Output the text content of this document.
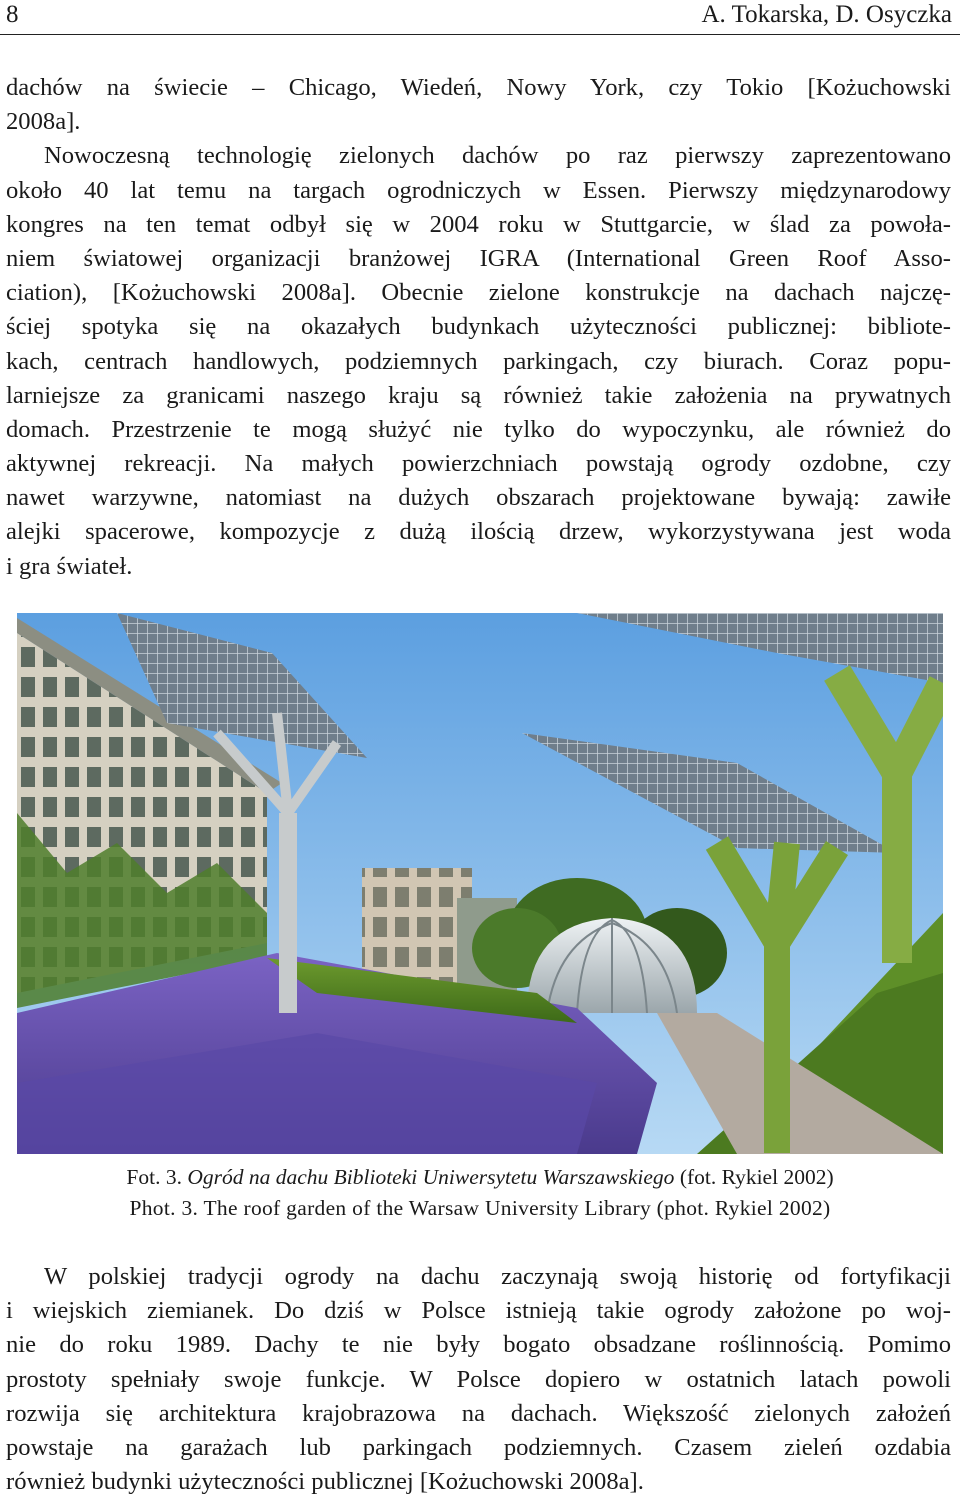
8	A. Tokarska, D. Osyczka
dachów na świecie – Chicago, Wiedeń, Nowy York, czy Tokio [Kożuchowski
2008a].
Nowoczesną technologię zielonych dachów po raz pierwszy zaprezentowano
około 40 lat temu na targach ogrodniczych w Essen. Pierwszy międzynarodowy
kongres na ten temat odbył się w 2004 roku w Stuttgarcie, w ślad za powoła-
niem światowej organizacji branżowej IGRA (International Green Roof Asso-
ciation), [Kożuchowski 2008a]. Obecnie zielone konstrukcje na dachach najczę-
ściej spotyka się na okazałych budynkach użyteczności publicznej: bibliote-
kach, centrach handlowych, podziemnych parkingach, czy biurach. Coraz popu-
larniejsze za granicami naszego kraju są również takie założenia na prywatnych
domach. Przestrzenie te mogą służyć nie tylko do wypoczynku, ale również do
aktywnej rekreacji. Na małych powierzchniach powstają ogrody ozdobne, czy
nawet warzywne, natomiast na dużych obszarach projektowane bywają: zawiłe
alejki spacerowe, kompozycje z dużą ilością drzew, wykorzystywana jest woda
i gra świateł.
Fot. 3. Ogród na dachu Biblioteki Uniwersytetu Warszawskiego (fot. Rykiel 2002)
Phot. 3. The roof garden of the Warsaw University Library (phot. Rykiel 2002)
W polskiej tradycji ogrody na dachu zaczynają swoją historię od fortyfikacji
i wiejskich ziemianek. Do dziś w Polsce istnieją takie ogrody założone po woj-
nie do roku 1989. Dachy te nie były bogato obsadzane roślinnością. Pomimo
prostoty spełniały swoje funkcje. W Polsce dopiero w ostatnich latach powoli
rozwija się architektura krajobrazowa na dachach. Większość zielonych założeń
powstaje na garażach lub parkingach podziemnych. Czasem zieleń ozdabia
również budynki użyteczności publicznej [Kożuchowski 2008a].
